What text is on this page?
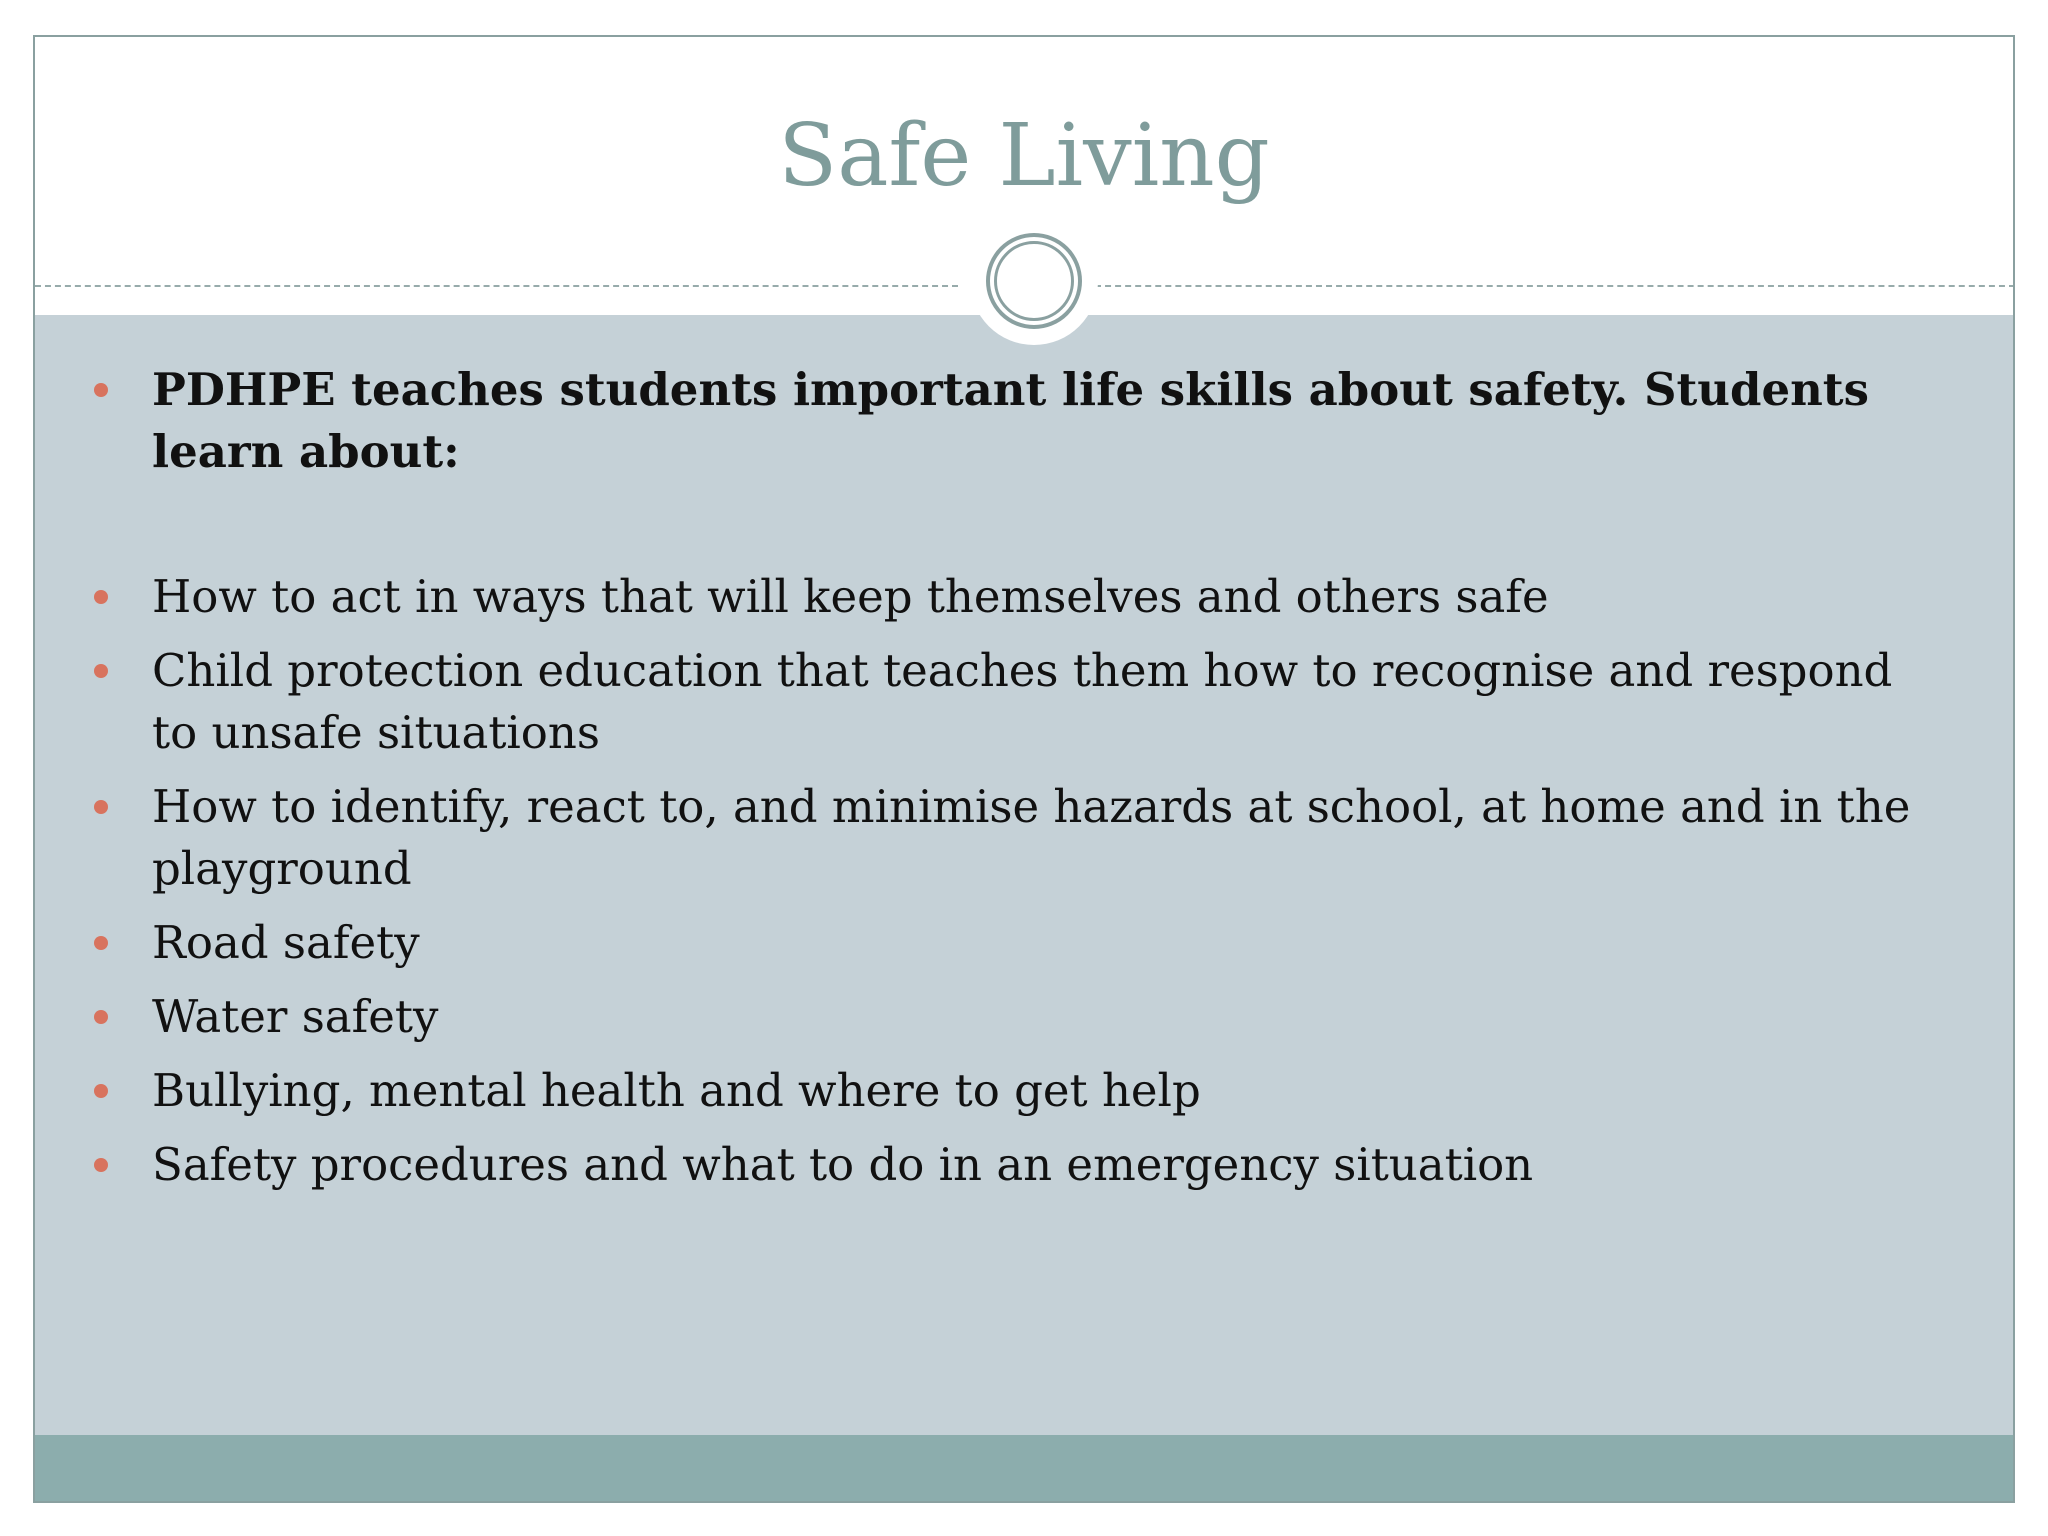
Safe Living
PDHPE teaches students important life skills about safety. Students learn about:
How to act in ways that will keep themselves and others safe
Child protection education that teaches them how to recognise and respond to unsafe situations
How to identify, react to, and minimise hazards at school, at home and in the playground
Road safety
Water safety
Bullying, mental health and where to get help
Safety procedures and what to do in an emergency situation
